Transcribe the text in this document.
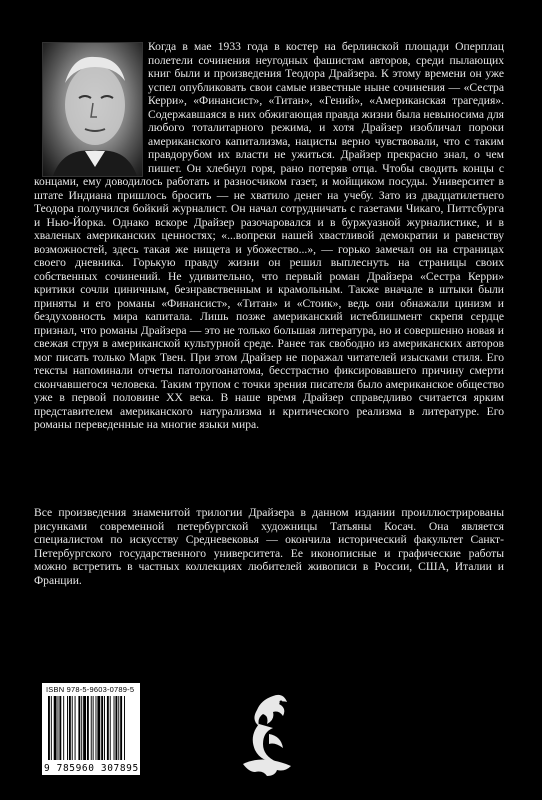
Когда в мае 1933 года в костер на берлинской площади Оперплац полетели сочинения неугодных фашистам авторов, среди пылающих книг были и произведения Теодора Драйзера. К этому времени он уже успел опубликовать свои самые известные ныне сочинения — «Сестра Керри», «Финансист», «Титан», «Гений», «Американская трагедия». Содержавшаяся в них обжигающая правда жизни была невыносима для любого тоталитарного режима, и хотя Драйзер изобличал пороки американского капитализма, нацисты верно чувствовали, что с таким правдорубом их власти не ужиться. Драйзер прекрасно знал, о чем пишет. Он хлебнул горя, рано потеряв отца. Чтобы сводить концы с концами, ему доводилось работать и разносчиком газет, и мойщиком посуды. Университет в штате Индиана пришлось бросить — не хватило денег на учебу. Зато из двадцатилетнего Теодора получился бойкий журналист. Он начал сотрудничать с газетами Чикаго, Питтсбурга и Нью-Йорка. Однако вскоре Драйзер разочаровался и в буржуазной журналистике, и в хваленых американских ценностях; «...вопреки нашей хвастливой демократии и равенству возможностей, здесь такая же нищета и убожество...», — горько замечал он на страницах своего дневника. Горькую правду жизни он решил выплеснуть на страницы своих собственных сочинений. Не удивительно, что первый роман Драйзера «Сестра Керри» критики сочли циничным, безнравственным и крамольным. Также вначале в штыки были приняты и его романы «Финансист», «Титан» и «Стоик», ведь они обнажали цинизм и бездуховность мира капитала. Лишь позже американский истеблишмент скрепя сердце признал, что романы Драйзера — это не только большая литература, но и совершенно новая и свежая струя в американской культурной среде. Ранее так свободно из американских авторов мог писать только Марк Твен. При этом Драйзер не поражал читателей изысками стиля. Его тексты напоминали отчеты патологоанатома, бесстрастно фиксировавшего причину смерти скончавшегося человека. Таким трупом с точки зрения писателя было американское общество уже в первой половине XX века. В наше время Драйзер справедливо считается ярким представителем американского натурализма и критического реализма в литературе. Его романы переведенные на многие языки мира.
Все произведения знаменитой трилогии Драйзера в данном издании проиллюстрированы рисунками современной петербургской художницы Татьяны Косач. Она является специалистом по искусству Средневековья — окончила исторический факультет Санкт-Петербургского государственного университета. Ее иконописные и графические работы можно встретить в частных коллекциях любителей живописи в России, США, Италии и Франции.
ISBN 978-5-9603-0789-5
9 785960 307895
